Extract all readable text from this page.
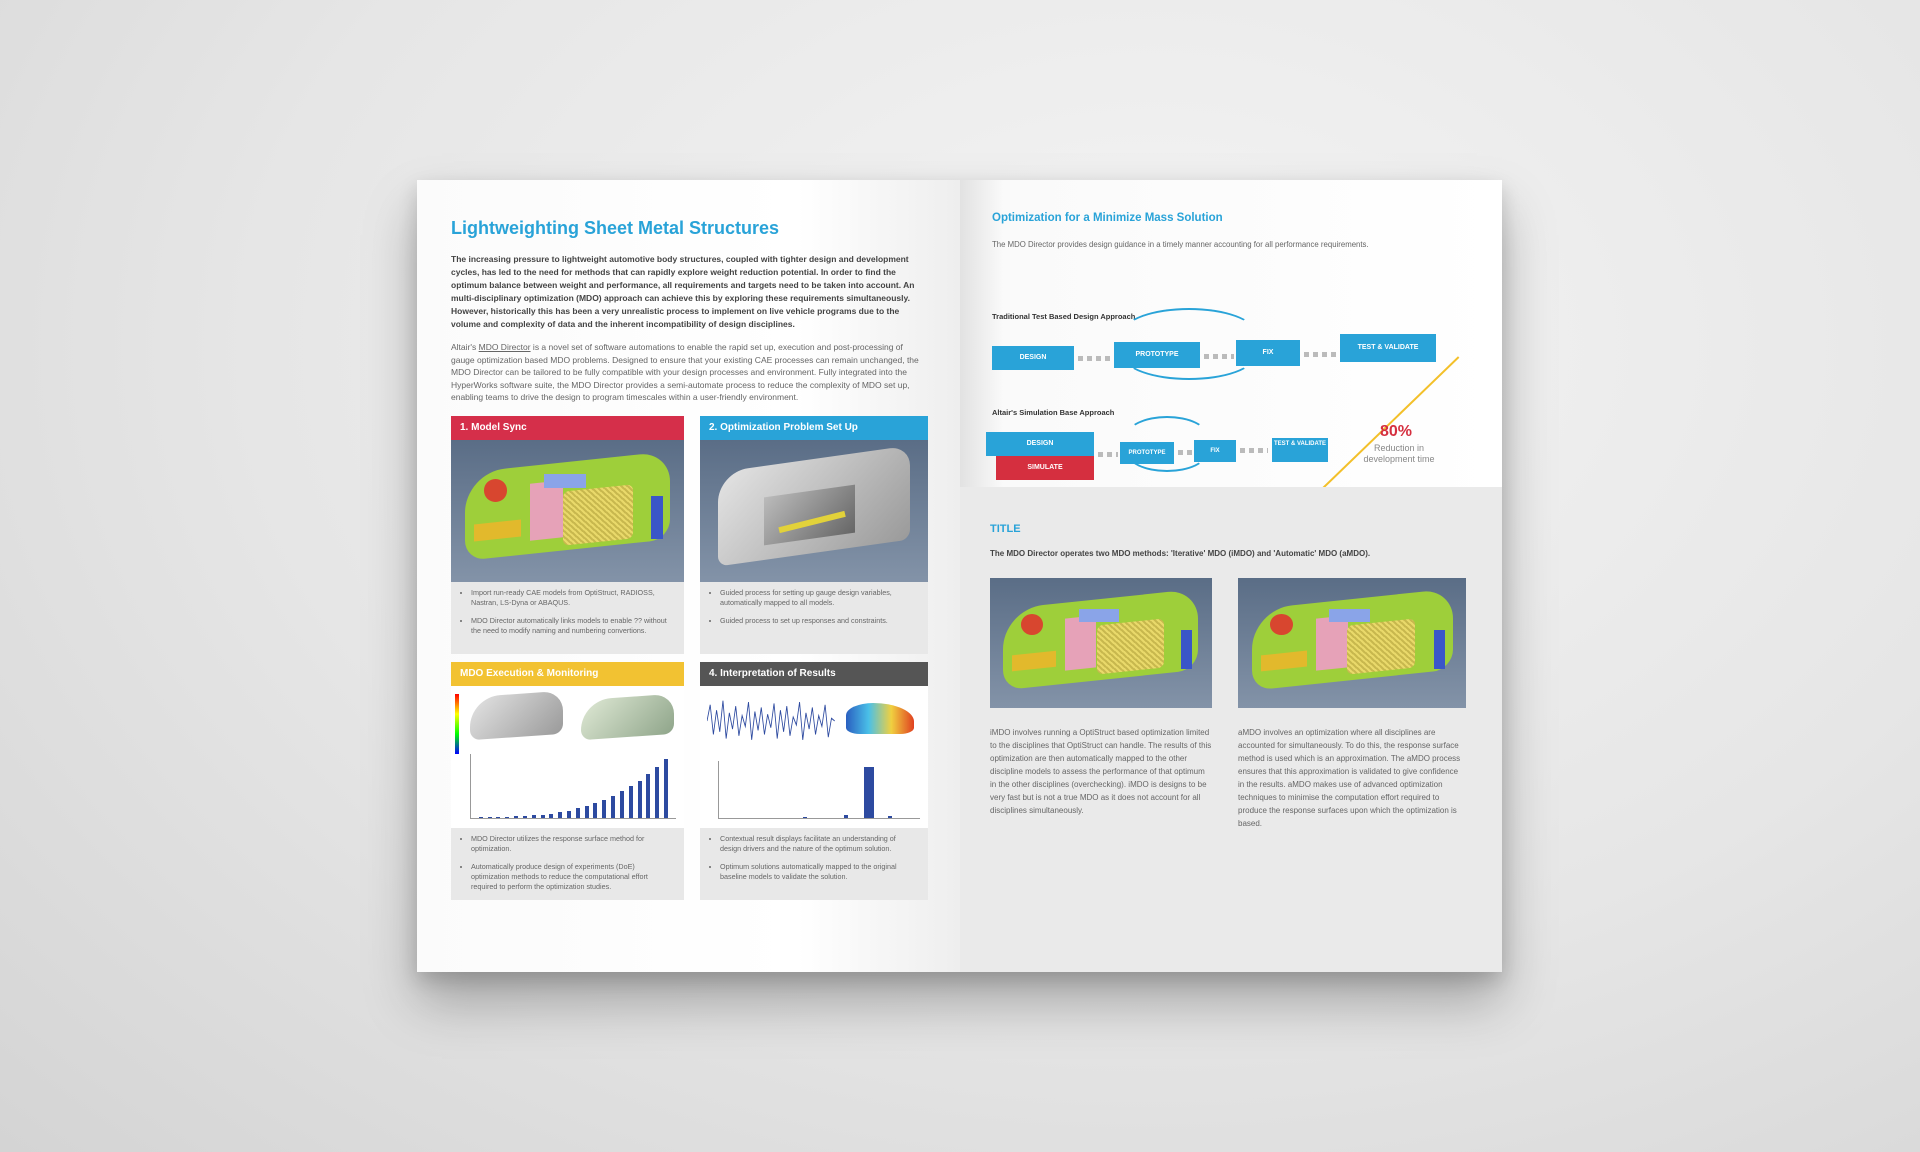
Lightweighting Sheet Metal Structures

The increasing pressure to lightweight automotive body structures, coupled with tighter design and development cycles, has led to the need for methods that can rapidly explore weight reduction potential. In order to find the optimum balance between weight and performance, all requirements and targets need to be taken into account. An multi-disciplinary optimization (MDO) approach can achieve this by exploring these requirements simultaneously. However, historically this has been a very unrealistic process to implement on live vehicle programs due to the volume and complexity of data and the inherent incompatibility of design disciplines.

Altair's MDO Director is a novel set of software automations to enable the rapid set up, execution and post-processing of gauge optimization based MDO problems. Designed to ensure that your existing CAE processes can remain unchanged, the MDO Director can be tailored to be fully compatible with your design processes and environment. Fully integrated into the HyperWorks software suite, the MDO Director provides a semi-automate process to reduce the complexity of MDO set up, enabling teams to drive the design to program timescales within a user-friendly environment.

1. Model Sync
• Import run-ready CAE models from OptiStruct, RADIOSS, Nastran, LS-Dyna or ABAQUS.
• MDO Director automatically links models to enable ?? without the need to modify naming and numbering convertions.
2. Optimization Problem Set Up
• Guided process for setting up gauge design variables, automatically mapped to all models.
• Guided process to set up responses and constraints.
MDO Execution & Monitoring
• MDO Director utilizes the response surface method for optimization.
• Automatically produce design of experiments (DoE) optimization methods to reduce the computational effort required to perform the optimization studies.
4. Interpretation of Results
• Contextual result displays facilitate an understanding of design drivers and the nature of the optimum solution.
• Optimum solutions automatically mapped to the original baseline models to validate the solution.
Optimization for a Minimize Mass Solution

The MDO Director provides design guidance in a timely manner accounting for all performance requirements.

Traditional Test Based Design Approach
DESIGN	PROTOTYPE	FIX
TEST & VALIDATE
Altair's Simulation Base Approach
DESIGN
SIMULATE
PROTOTYPE	FIX
TEST & VALIDATE
80%
Reduction in development time
TITLE

The MDO Director operates two MDO methods: 'Iterative' MDO (iMDO) and 'Automatic' MDO (aMDO).

iMDO involves running a OptiStruct based optimization limited to the disciplines that OptiStruct can handle. The results of this optimization are then automatically mapped to the other discipline models to assess the performance of that optimum in the other disciplines (overchecking). iMDO is designs to be very fast but is not a true MDO as it does not account for all disciplines simultaneously.
aMDO involves an optimization where all disciplines are accounted for simultaneously. To do this, the response surface method is used which is an approximation. The aMDO process ensures that this approximation is validated to give confidence in the results. aMDO makes use of advanced optimization techniques to minimise the computation effort required to produce the response surfaces upon which the optimization is based.
